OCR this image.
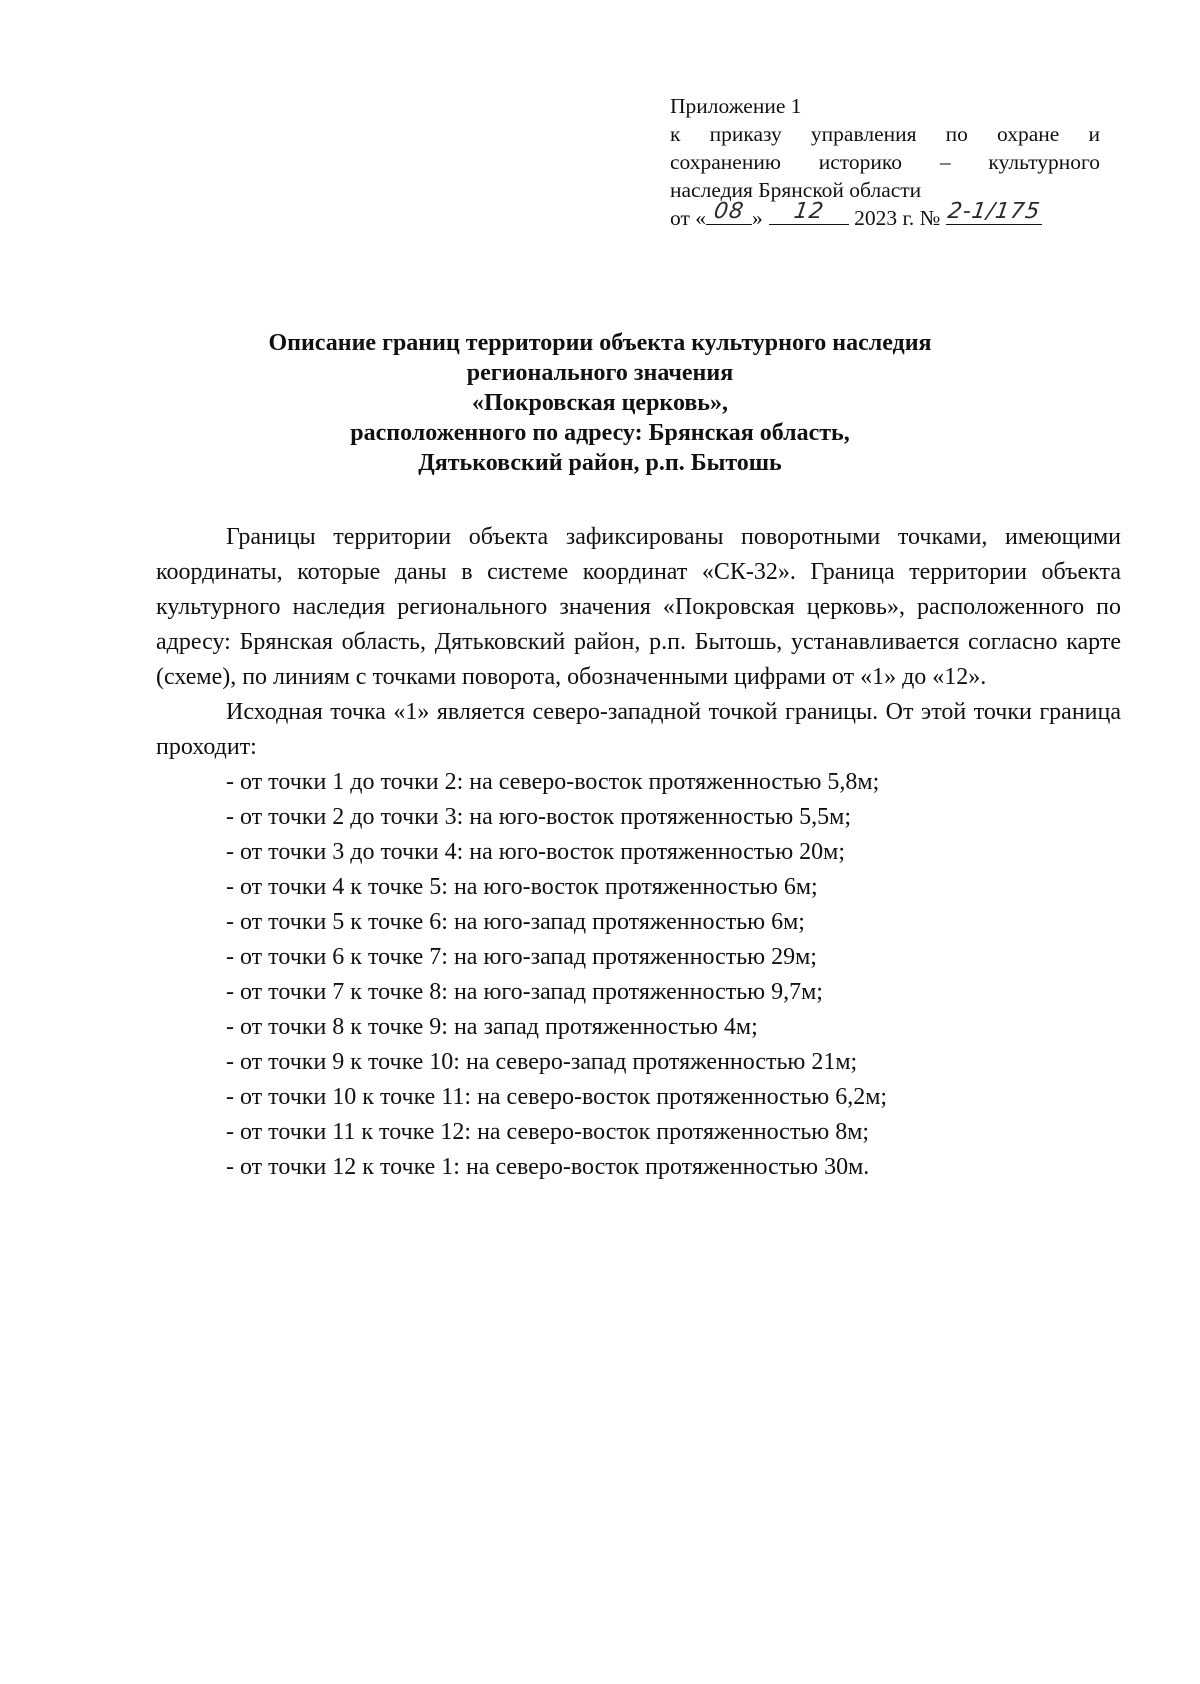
Приложение 1
к приказу управления по охране и
сохранению историко – культурного
наследия Брянской области
от « 08 »	12	2023 г. № 2-1/175
Описание границ территории объекта культурного наследия
регионального значения
«Покровская церковь»,
расположенного по адресу: Брянская область,
Дятьковский район, р.п. Бытошь

Границы территории объекта зафиксированы поворотными точками, имеющими координаты, которые даны в системе координат «СК-32». Граница территории объекта культурного наследия регионального значения «Покровская церковь», расположенного по адресу: Брянская область, Дятьковский район, р.п. Бытошь, устанавливается согласно карте (схеме), по линиям с точками поворота, обозначенными цифрами от «1» до «12».

Исходная точка «1» является северо-западной точкой границы. От этой точки граница проходит:

- от точки 1 до точки 2: на северо-восток протяженностью 5,8м;
- от точки 2 до точки 3: на юго-восток протяженностью 5,5м;
- от точки 3 до точки 4: на юго-восток протяженностью 20м;
- от точки 4 к точке 5: на юго-восток протяженностью 6м;
- от точки 5 к точке 6: на юго-запад протяженностью 6м;
- от точки 6 к точке 7: на юго-запад протяженностью 29м;
- от точки 7 к точке 8: на юго-запад протяженностью 9,7м;
- от точки 8 к точке 9: на запад протяженностью 4м;
- от точки 9 к точке 10: на северо-запад протяженностью 21м;
- от точки 10 к точке 11: на северо-восток протяженностью 6,2м;
- от точки 11 к точке 12: на северо-восток протяженностью 8м;
- от точки 12 к точке 1: на северо-восток протяженностью 30м.
